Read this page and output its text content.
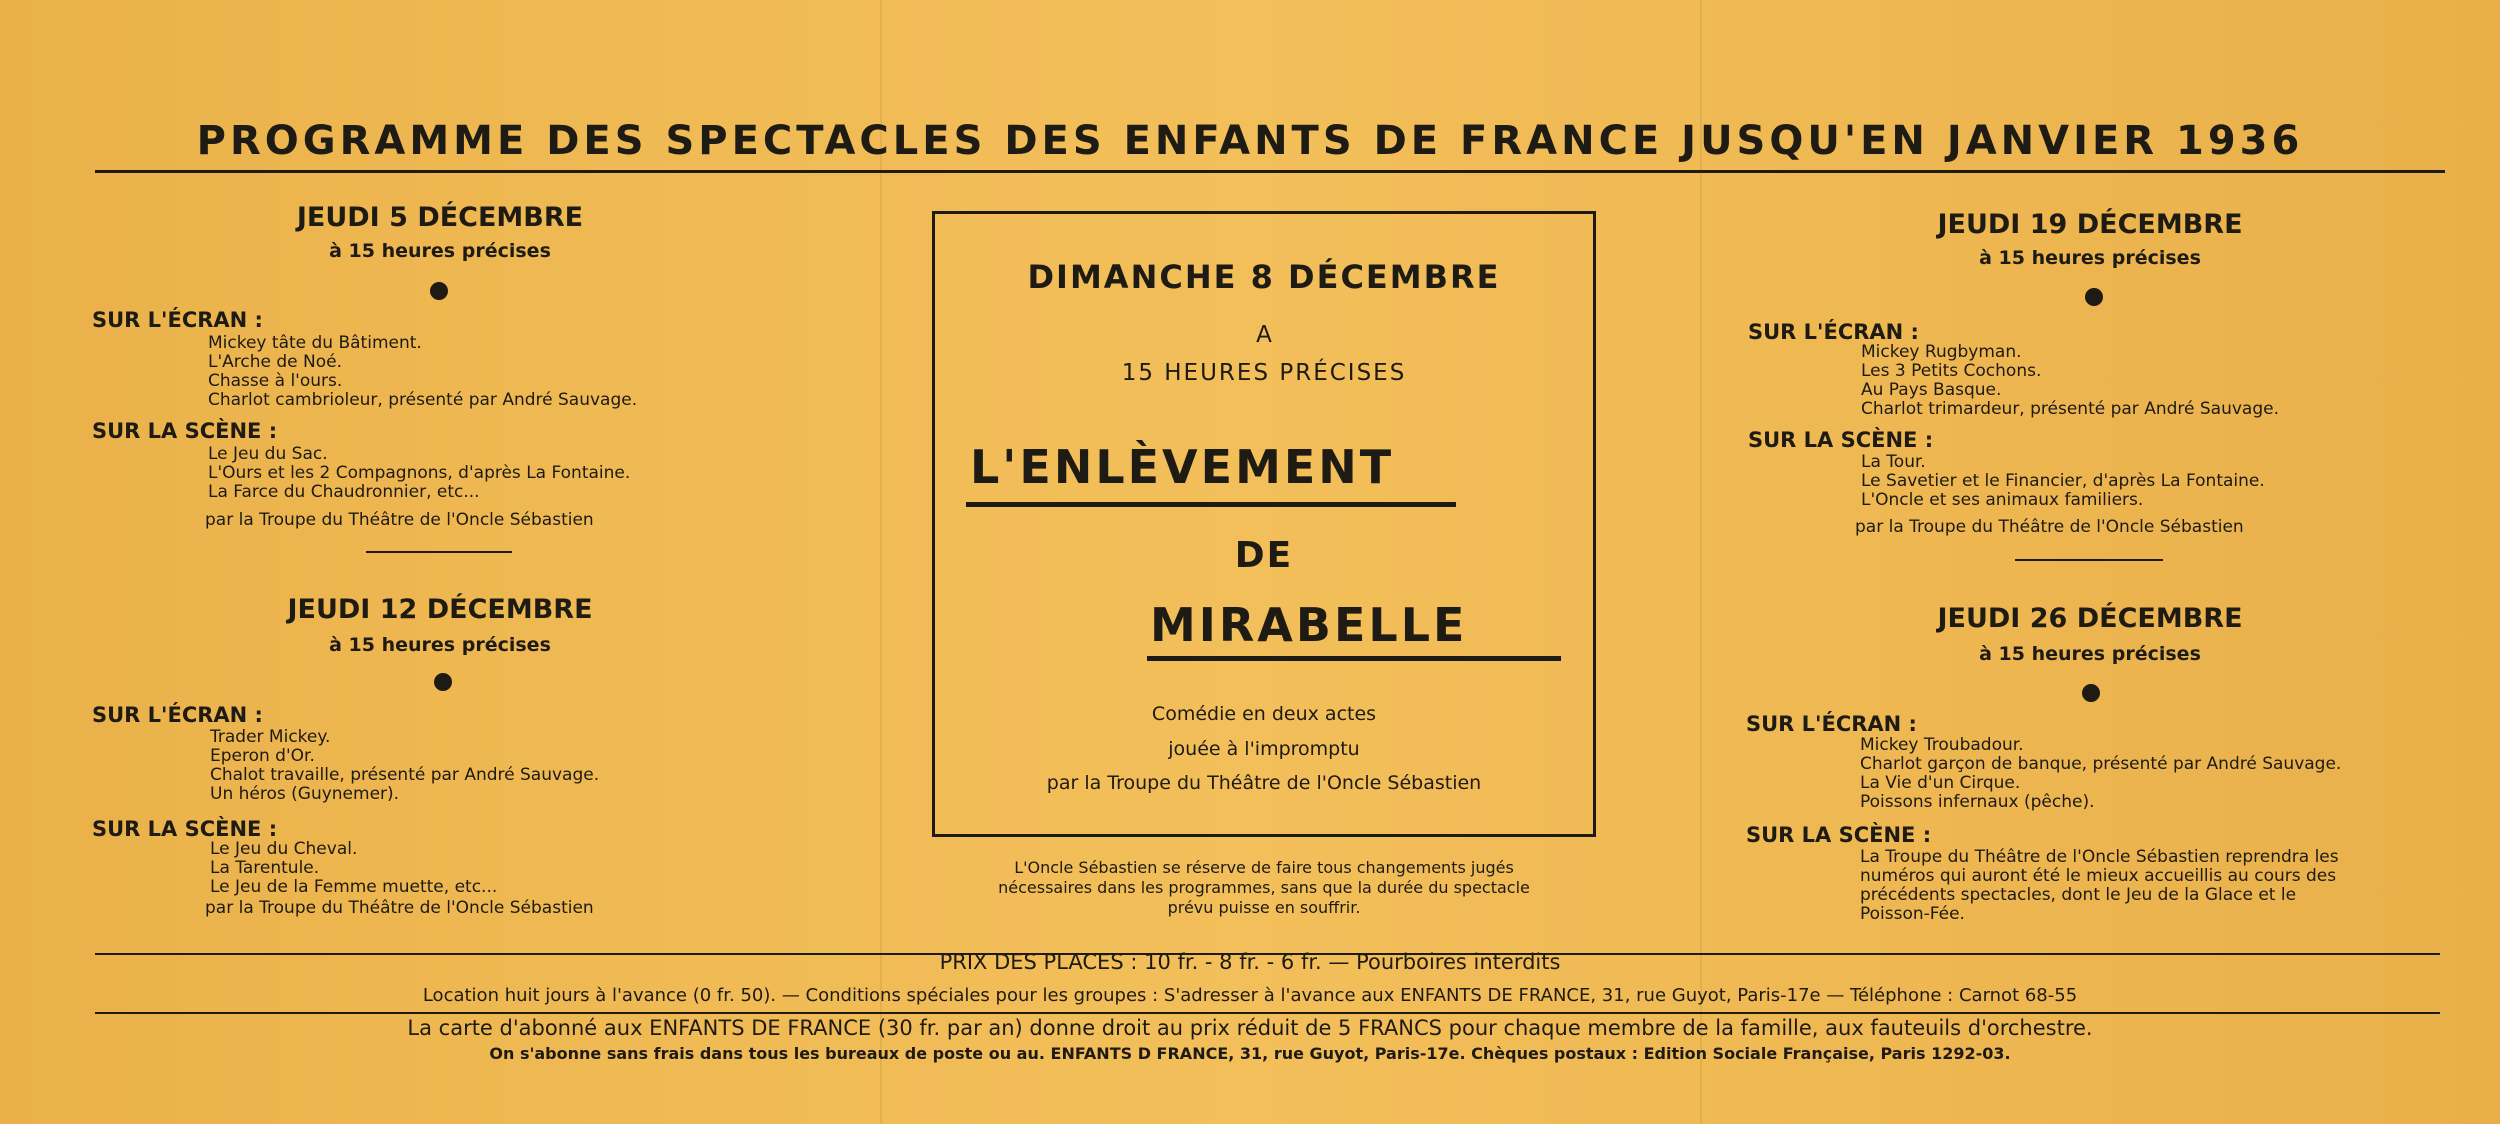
PROGRAMME DES SPECTACLES DES ENFANTS DE FRANCE JUSQU'EN JANVIER 1936
JEUDI 5 DÉCEMBRE
à 15 heures précises
SUR L'ÉCRAN :
Mickey tâte du Bâtiment.
L'Arche de Noé.
Chasse à l'ours.
Charlot cambrioleur, présenté par André Sauvage.
SUR LA SCÈNE :
Le Jeu du Sac.
L'Ours et les 2 Compagnons, d'après La Fontaine.
La Farce du Chaudronnier, etc...
par la Troupe du Théâtre de l'Oncle Sébastien
JEUDI 12 DÉCEMBRE
à 15 heures précises
SUR L'ÉCRAN :
Trader Mickey.
Eperon d'Or.
Chalot travaille, présenté par André Sauvage.
Un héros (Guynemer).
SUR LA SCÈNE :
Le Jeu du Cheval.
La Tarentule.
Le Jeu de la Femme muette, etc...
par la Troupe du Théâtre de l'Oncle Sébastien
DIMANCHE 8 DÉCEMBRE
A
15 HEURES PRÉCISES
L'ENLÈVEMENT
DE
MIRABELLE
Comédie en deux actes
jouée à l'impromptu
par la Troupe du Théâtre de l'Oncle Sébastien
L'Oncle Sébastien se réserve de faire tous changements jugés
nécessaires dans les programmes, sans que la durée du spectacle
prévu puisse en souffrir.
JEUDI 19 DÉCEMBRE
à 15 heures précises
SUR L'ÉCRAN :
Mickey Rugbyman.
Les 3 Petits Cochons.
Au Pays Basque.
Charlot trimardeur, présenté par André Sauvage.
SUR LA SCÈNE :
La Tour.
Le Savetier et le Financier, d'après La Fontaine.
L'Oncle et ses animaux familiers.
par la Troupe du Théâtre de l'Oncle Sébastien
JEUDI 26 DÉCEMBRE
à 15 heures précises
SUR L'ÉCRAN :
Mickey Troubadour.
Charlot garçon de banque, présenté par André Sauvage.
La Vie d'un Cirque.
Poissons infernaux (pêche).
SUR LA SCÈNE :
La Troupe du Théâtre de l'Oncle Sébastien reprendra les
numéros qui auront été le mieux accueillis au cours des
précédents spectacles, dont le Jeu de la Glace et le
Poisson-Fée.
PRIX DES PLACES : 10 fr. - 8 fr. - 6 fr. — Pourboires interdits
Location huit jours à l'avance (0 fr. 50). — Conditions spéciales pour les groupes : S'adresser à l'avance aux ENFANTS DE FRANCE, 31, rue Guyot, Paris-17e — Téléphone : Carnot 68-55
La carte d'abonné aux ENFANTS DE FRANCE (30 fr. par an) donne droit au prix réduit de 5 FRANCS pour chaque membre de la famille, aux fauteuils d'orchestre.
On s'abonne sans frais dans tous les bureaux de poste ou au. ENFANTS D FRANCE, 31, rue Guyot, Paris-17e. Chèques postaux : Edition Sociale Française, Paris 1292-03.
